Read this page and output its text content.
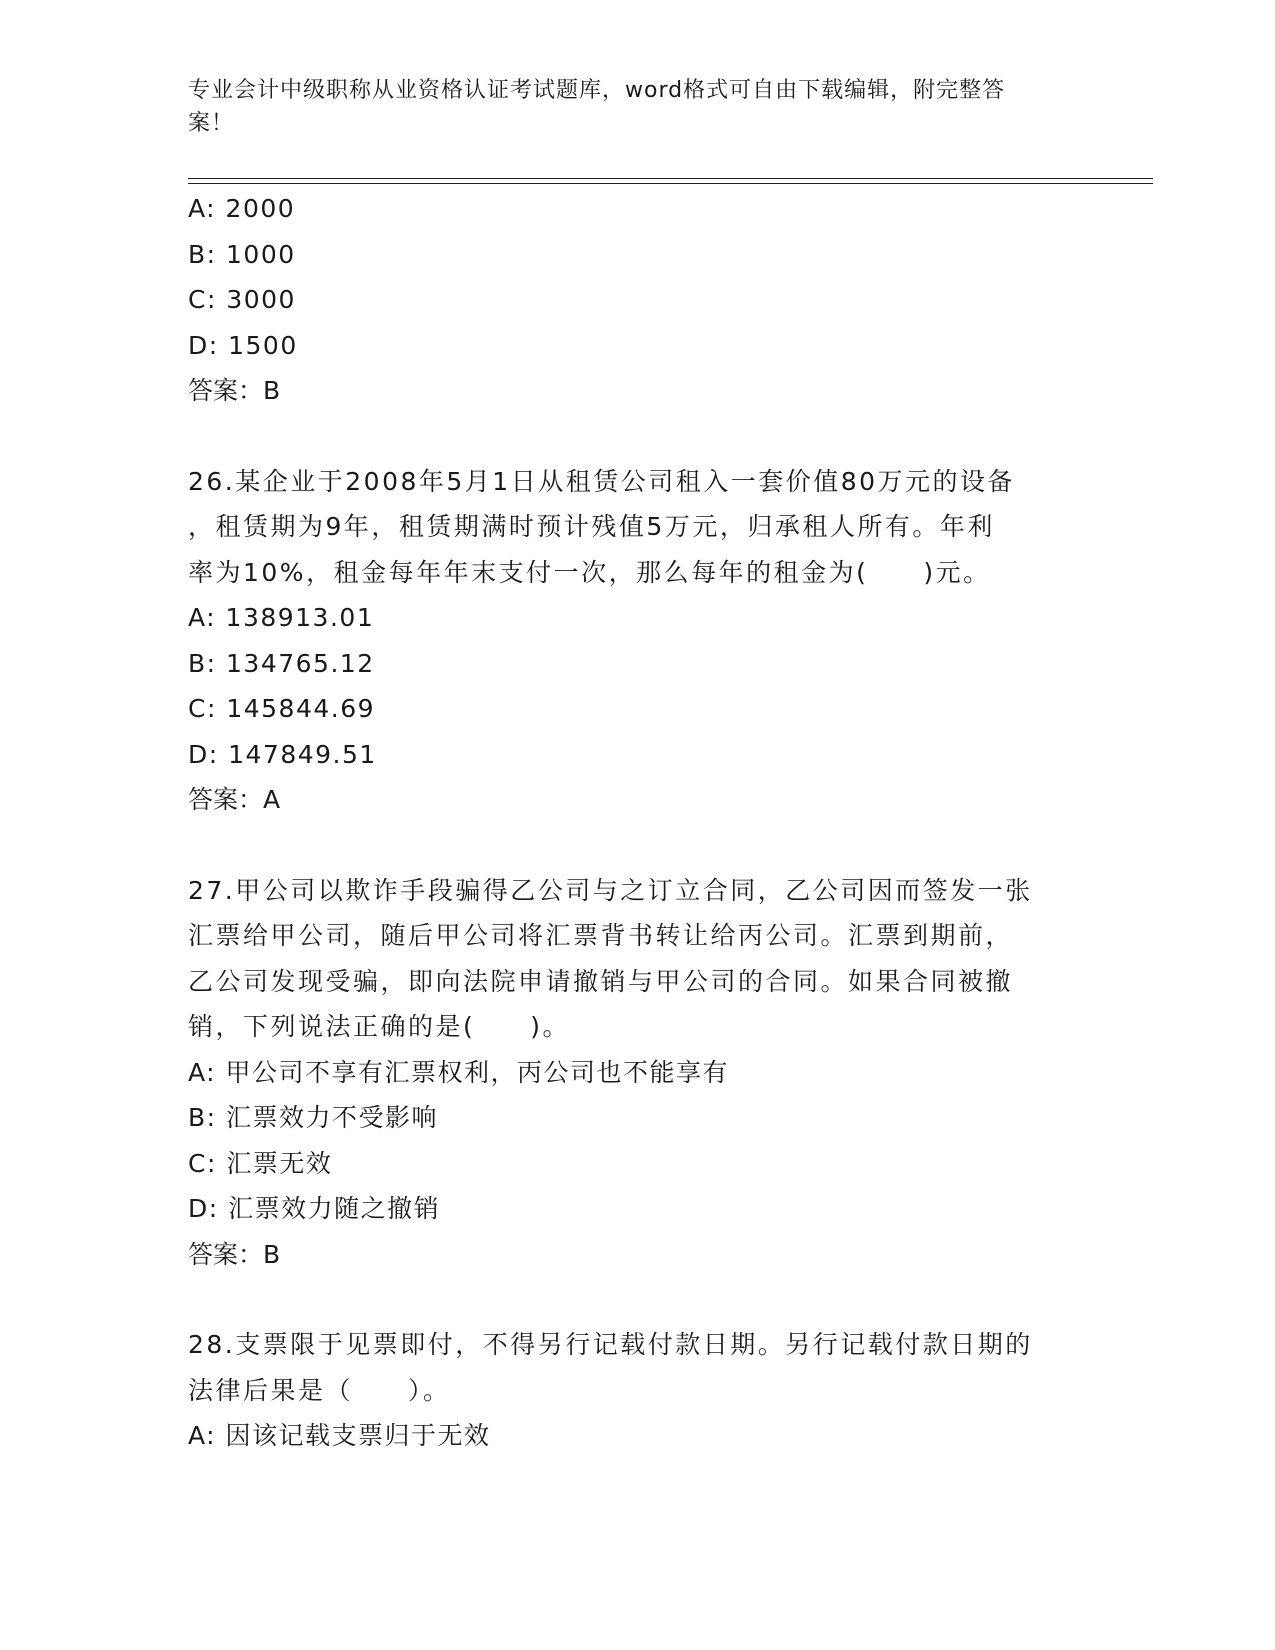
专业会计中级职称从业资格认证考试题库，word格式可自由下载编辑，附完整答
案！
A: 2000
B: 1000
C: 3000
D: 1500
答案：B
26.某企业于2008年5月1日从租赁公司租入一套价值80万元的设备
，租赁期为9年，租赁期满时预计残值5万元，归承租人所有。年利
率为10%，租金每年年末支付一次，那么每年的租金为(　　)元。
A: 138913.01
B: 134765.12
C: 145844.69
D: 147849.51
答案：A
27.甲公司以欺诈手段骗得乙公司与之订立合同，乙公司因而签发一张
汇票给甲公司，随后甲公司将汇票背书转让给丙公司。汇票到期前，
乙公司发现受骗，即向法院申请撤销与甲公司的合同。如果合同被撤
销，下列说法正确的是(　　)。
A: 甲公司不享有汇票权利，丙公司也不能享有
B: 汇票效力不受影响
C: 汇票无效
D: 汇票效力随之撤销
答案：B
28.支票限于见票即付，不得另行记载付款日期。另行记载付款日期的
法律后果是（　　）。
A: 因该记载支票归于无效
